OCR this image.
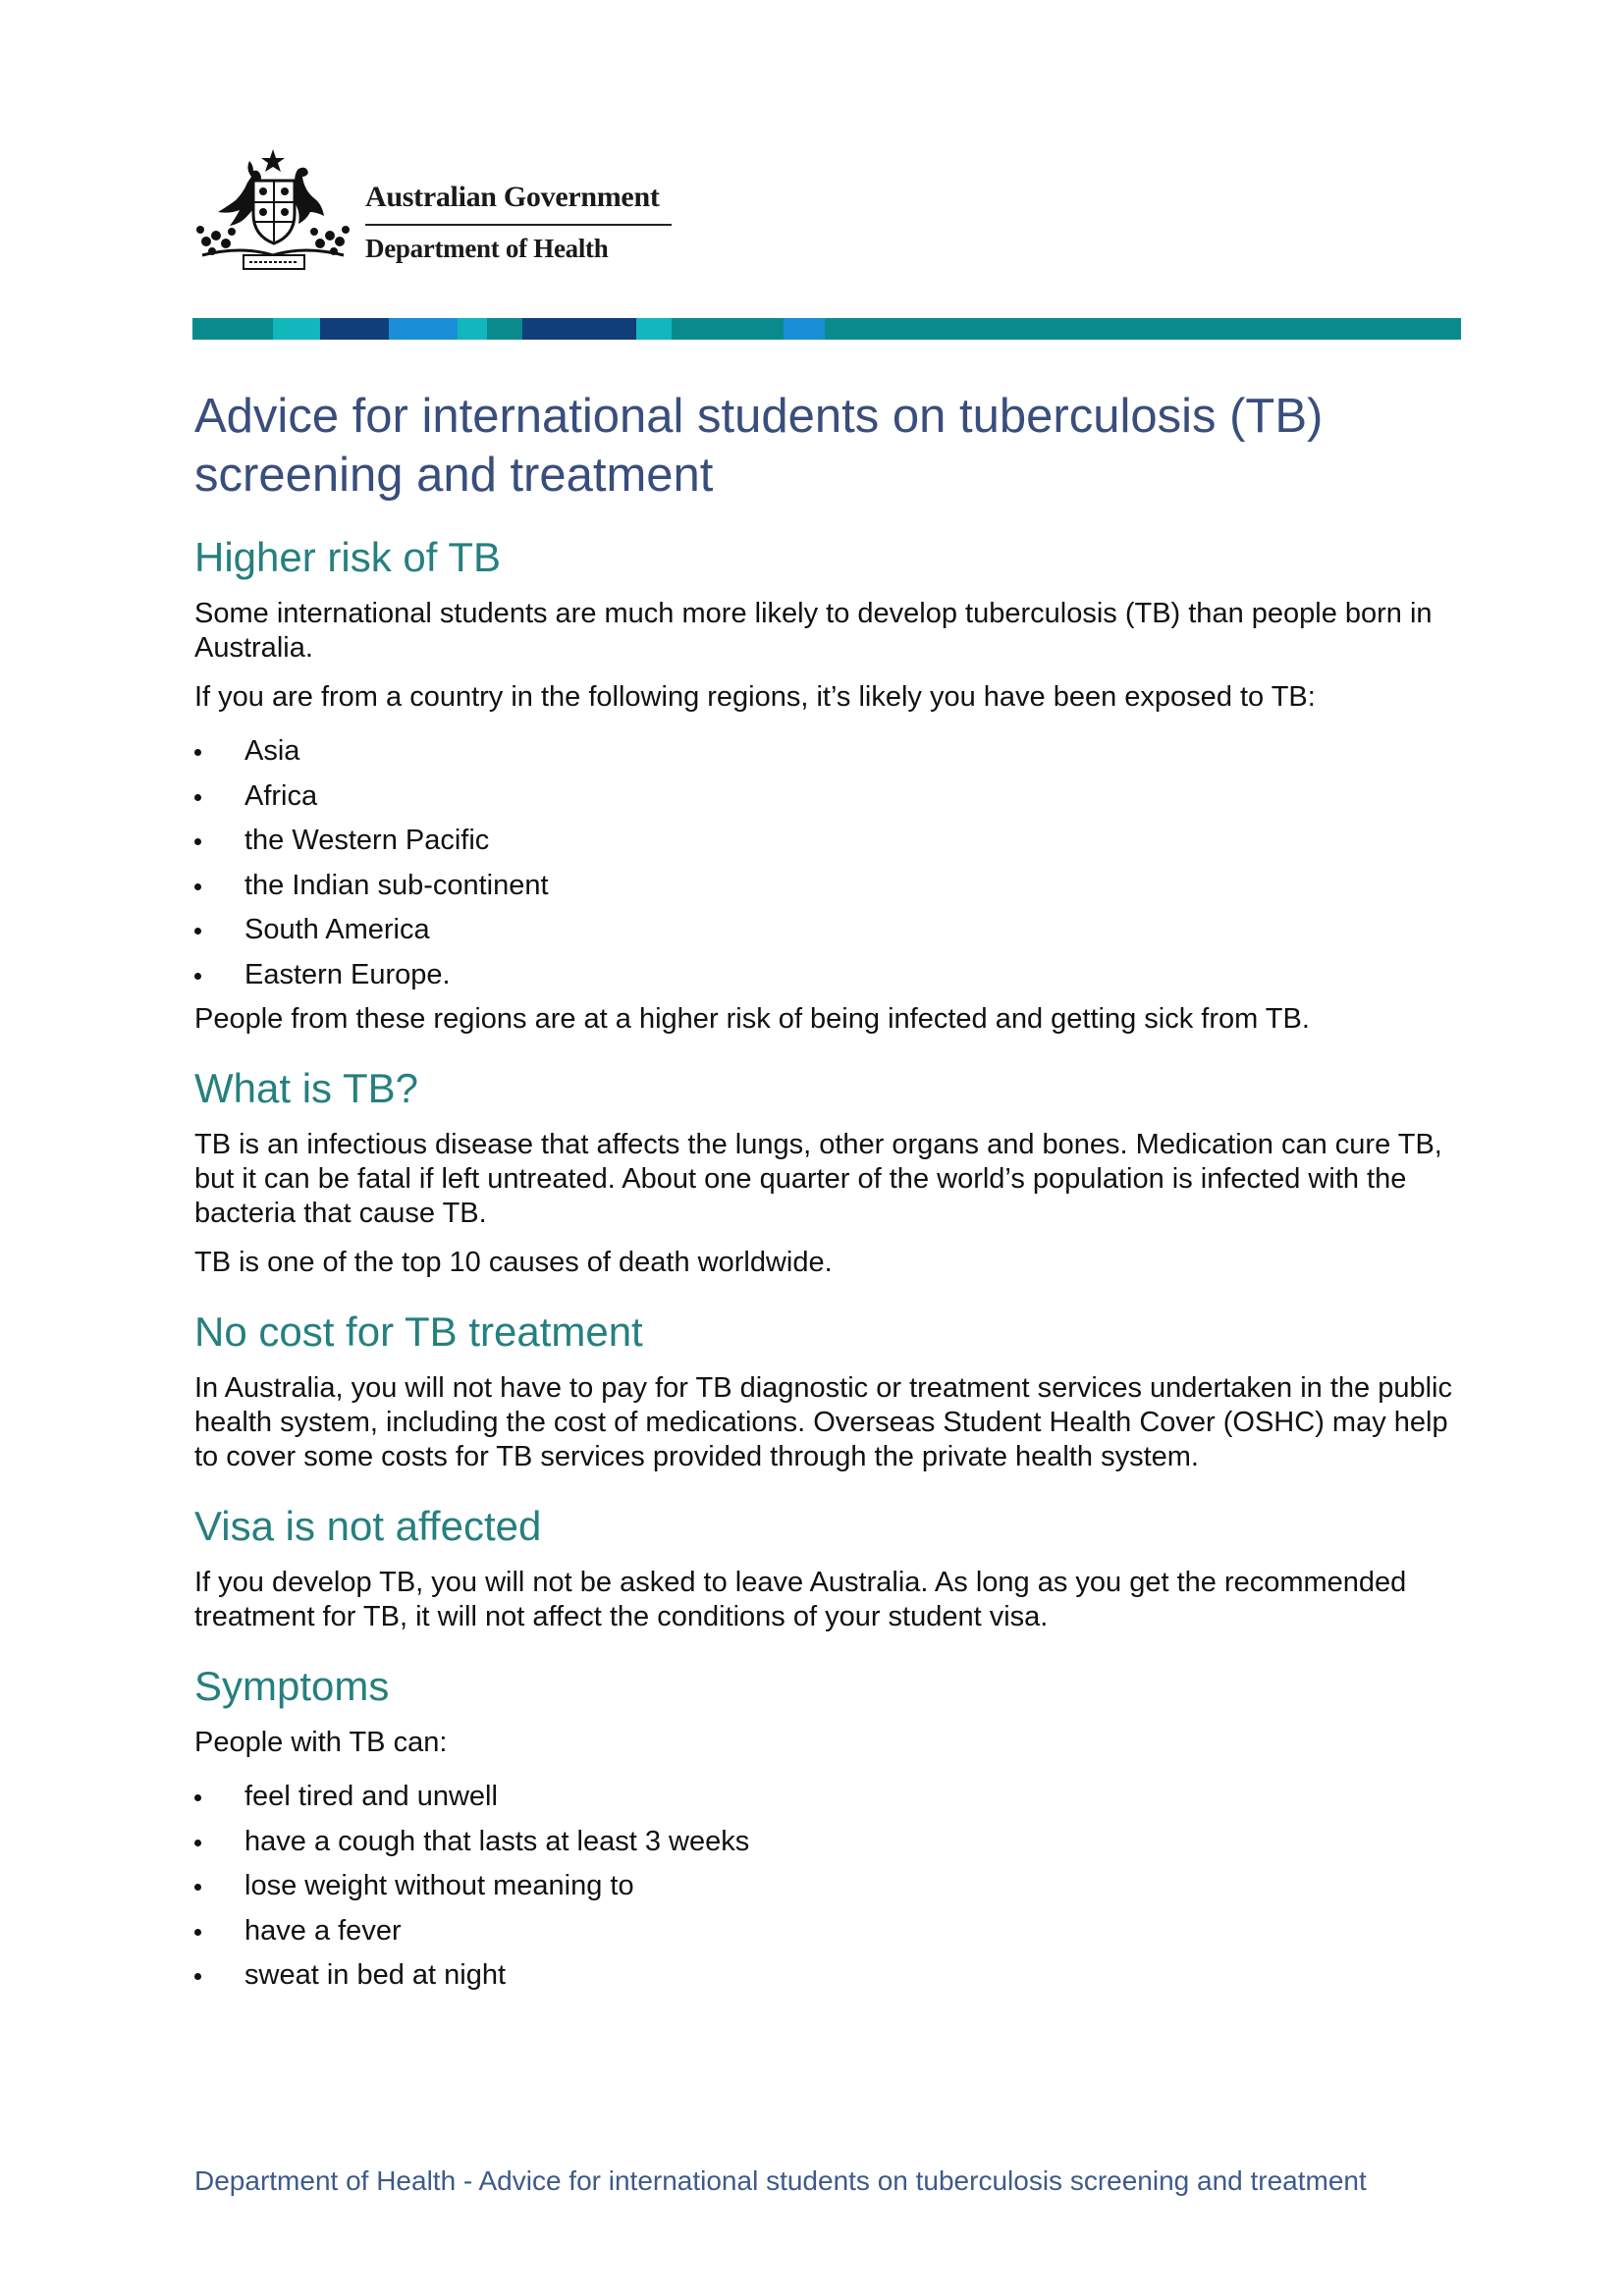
Australian Government
Department of Health
Advice for international students on tuberculosis (TB) screening and treatment
Higher risk of TB

Some international students are much more likely to develop tuberculosis (TB) than people born in Australia.

If you are from a country in the following regions, it’s likely you have been exposed to TB:

Asia
Africa
the Western Pacific
the Indian sub-continent
South America
Eastern Europe.

People from these regions are at a higher risk of being infected and getting sick from TB.

What is TB?

TB is an infectious disease that affects the lungs, other organs and bones. Medication can cure TB, but it can be fatal if left untreated. About one quarter of the world’s population is infected with the bacteria that cause TB.

TB is one of the top 10 causes of death worldwide.

No cost for TB treatment

In Australia, you will not have to pay for TB diagnostic or treatment services undertaken in the public health system, including the cost of medications. Overseas Student Health Cover (OSHC) may help to cover some costs for TB services provided through the private health system.

Visa is not affected

If you develop TB, you will not be asked to leave Australia. As long as you get the recommended treatment for TB, it will not affect the conditions of your student visa.

Symptoms

People with TB can:

feel tired and unwell
have a cough that lasts at least 3 weeks
lose weight without meaning to
have a fever
sweat in bed at night
Department of Health - Advice for international students on tuberculosis screening and treatment
